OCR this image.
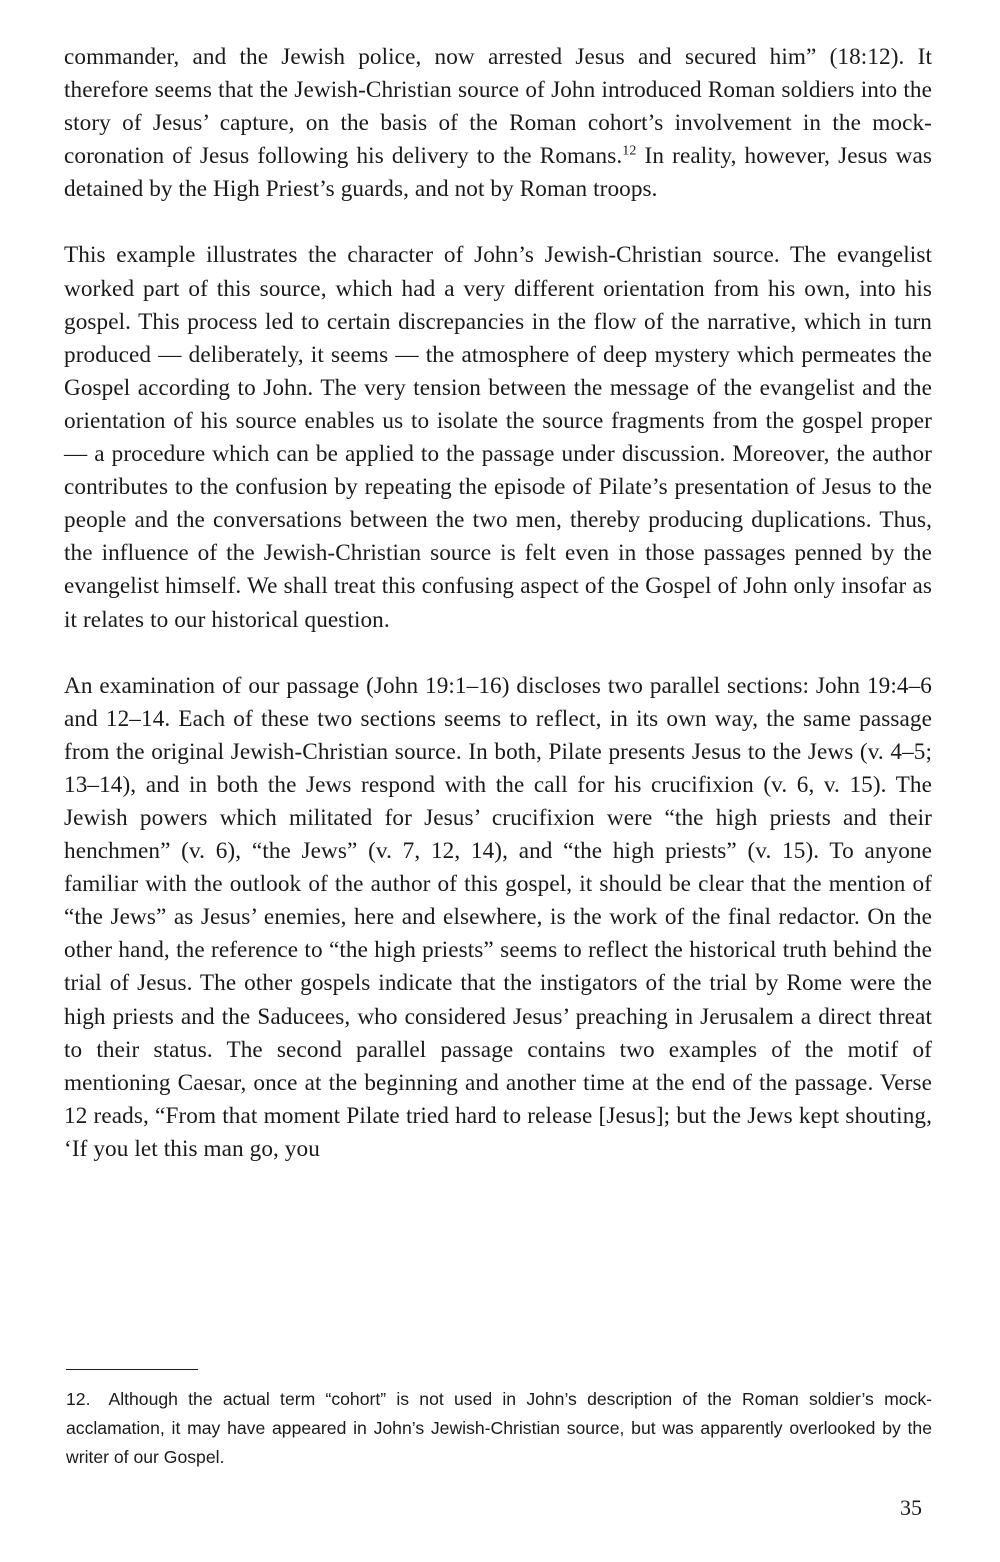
commander, and the Jewish police, now arrested Jesus and secured him” (18:12). It therefore seems that the Jewish-Christian source of John introduced Roman soldiers into the story of Jesus’ capture, on the basis of the Roman cohort’s involvement in the mock-coronation of Jesus following his delivery to the Romans.$^{12}$ In reality, however, Jesus was detained by the High Priest’s guards, and not by Roman troops.

This example illustrates the character of John’s Jewish-Christian source. The evangelist worked part of this source, which had a very different orientation from his own, into his gospel. This process led to certain discrepancies in the flow of the narrative, which in turn produced — deliberately, it seems — the atmosphere of deep mystery which permeates the Gospel according to John. The very tension between the message of the evangelist and the orientation of his source enables us to isolate the source fragments from the gospel proper — a procedure which can be applied to the passage under discussion. Moreover, the author contributes to the confusion by repeating the episode of Pilate’s presentation of Jesus to the people and the conversations between the two men, thereby producing duplications. Thus, the influence of the Jewish-Christian source is felt even in those passages penned by the evangelist himself. We shall treat this confusing aspect of the Gospel of John only insofar as it relates to our historical question.

An examination of our passage (John 19:1–16) discloses two parallel sections: John 19:4–6 and 12–14. Each of these two sections seems to reflect, in its own way, the same passage from the original Jewish-Christian source. In both, Pilate presents Jesus to the Jews (v. 4–5; 13–14), and in both the Jews respond with the call for his crucifixion (v. 6, v. 15). The Jewish powers which militated for Jesus’ crucifixion were “the high priests and their henchmen” (v. 6), “the Jews” (v. 7, 12, 14), and “the high priests” (v. 15). To anyone familiar with the outlook of the author of this gospel, it should be clear that the mention of “the Jews” as Jesus’ enemies, here and elsewhere, is the work of the final redactor. On the other hand, the reference to “the high priests” seems to reflect the historical truth behind the trial of Jesus. The other gospels indicate that the instigators of the trial by Rome were the high priests and the Saducees, who considered Jesus’ preaching in Jerusalem a direct threat to their status. The second parallel passage contains two examples of the motif of mentioning Caesar, once at the beginning and another time at the end of the passage. Verse 12 reads, “From that moment Pilate tried hard to release [Jesus]; but the Jews kept shouting, ‘If you let this man go, you

12. Although the actual term “cohort” is not used in John’s description of the Roman soldier’s mock-acclamation, it may have appeared in John’s Jewish-Christian source, but was apparently overlooked by the writer of our Gospel.
35
